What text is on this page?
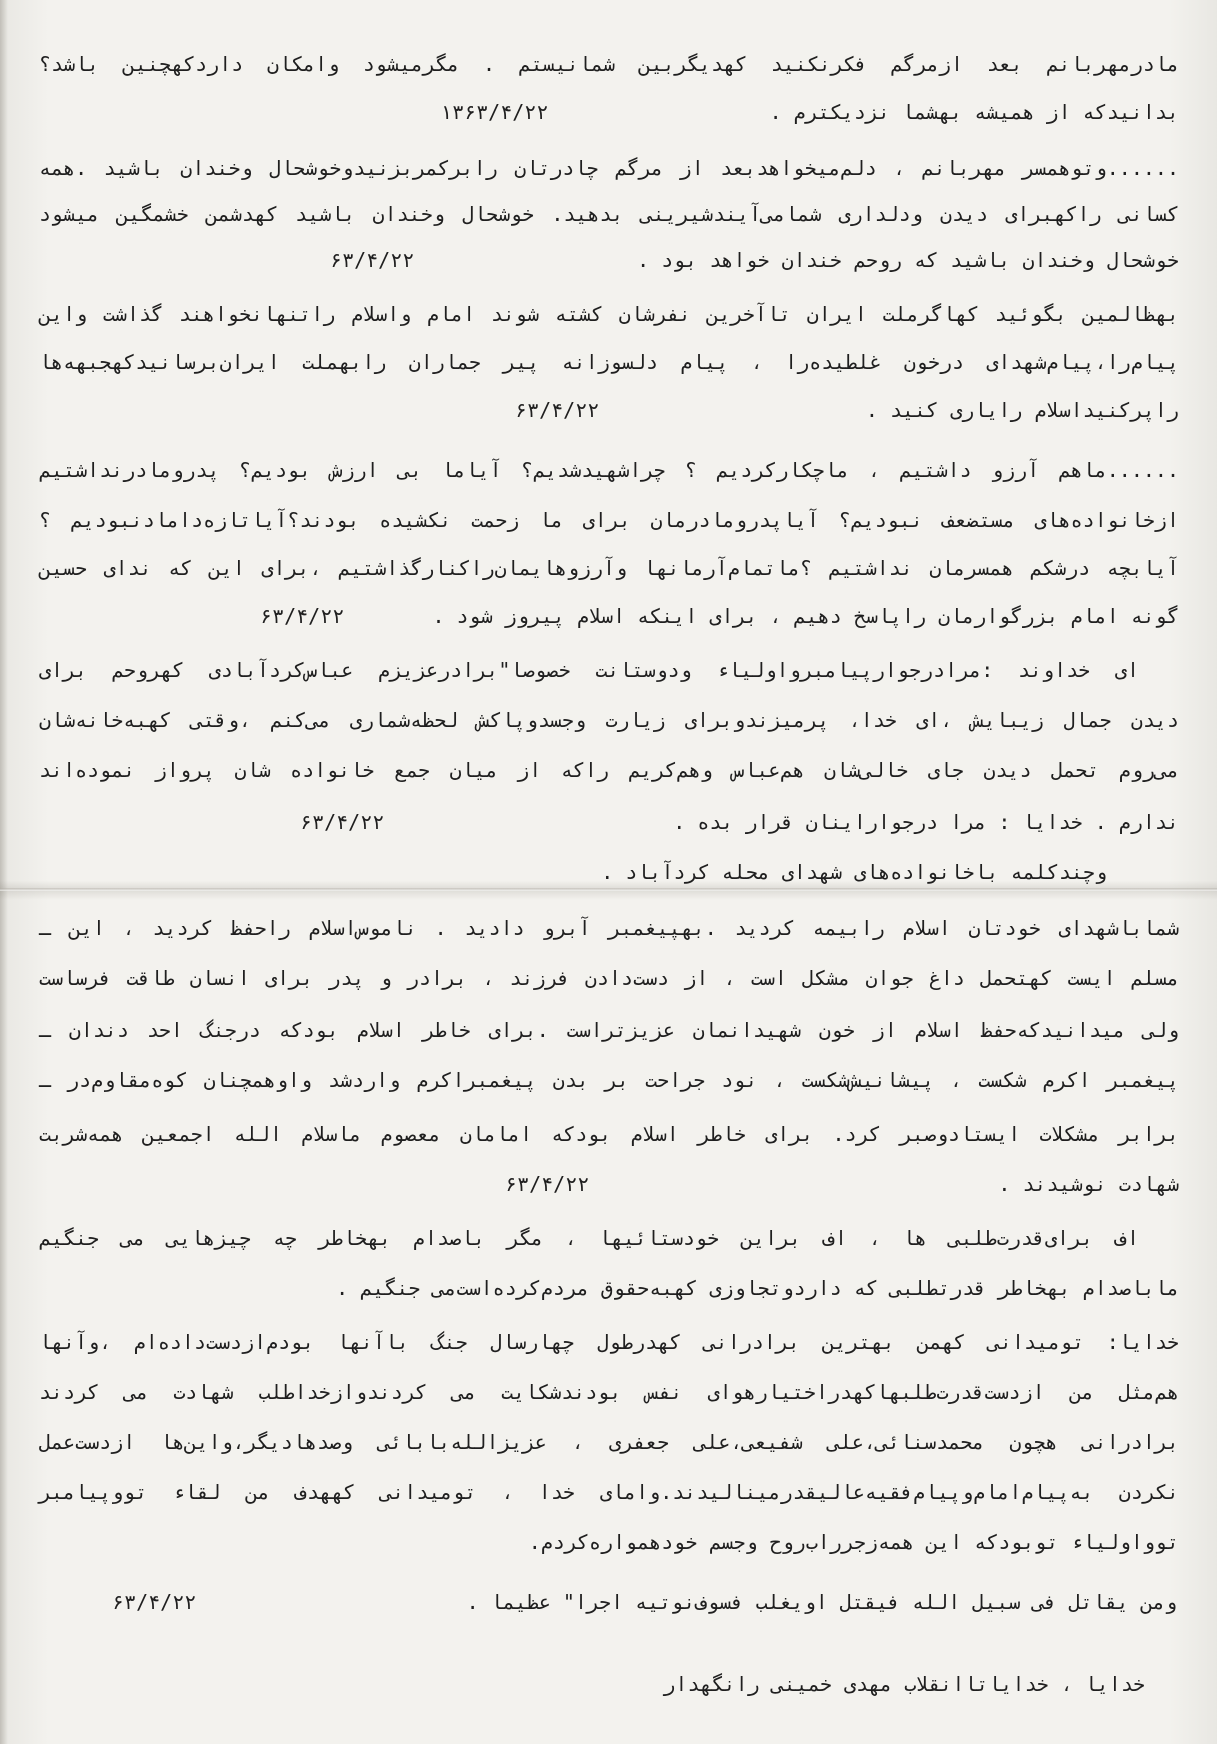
مادرمهربانم بعد ازمرگم فکرنکنید کهدیگربین شمانیستم . مگرمیشود وامکان داردکهچنین باشد؟
بدانیدکه از همیشه بهشما نزدیکترم .
۱۳۶۳/۴/۲۲
......وتوهمسر مهربانم ، دلم‌میخواهدبعد از مرگم چادرتان رابرکمربزنیدوخوشحال وخندان باشید .همه
کسانی راکهبرای دیدن ودلداری شمامی‌آیندشیرینی بدهید. خوشحال وخندان باشید کهدشمن خشمگین میشود
خوشحال وخندان باشید که روحم خندان خواهد بود .
۶۳/۴/۲۲
بهظالمین بگوئید کهاگرملت ایران تاآخرین نفرشان کشته شوند امام واسلام راتنهانخواهند گذاشت واین
پیام‌را،پیام‌شهدای درخون غلطیده‌را ، پیام دلسوزانه پیر جماران رابهملت ایران‌برسانیدکهجبهه‌ها
راپرکنیداسلام رایاری کنید .
۶۳/۴/۲۲
......ماهم آرزو داشتیم ، ماچکارکردیم ؟ چراشهیدشدیم؟ آیاما بی ارزش بودیم؟ پدرومادرنداشتیم
ازخانواده‌های مستضعف نبودیم؟ آیاپدرومادرمان برای ما زحمت نکشیده بودند؟آیاتازه‌دامادنبودیم ؟
آیابچه درشکم همسرمان نداشتیم ؟ماتمام‌آرمانها وآرزوهایمان‌راکنارگذاشتیم ،برای این که ندای حسین
گونه امام بزرگوارمان راپاسخ دهیم ، برای اینکه اسلام پیروز شود .
۶۳/۴/۲۲
ای خداوند :مرادرجوارپیامبرواولیاء ودوستانت خصوصا"برادرعزیزم عباس‌کردآبادی کهروحم برای
دیدن جمال زیبایش ،ای خدا، پرمیزندوبرای زیارت وجسدوپاکش لحظه‌شماری می‌کنم ،وقتی کهبه‌خانه‌شان
می‌روم تحمل دیدن جای خالی‌شان هم‌عباس وهم‌کریم راکه از میان جمع خانواده شان پرواز نموده‌اند
ندارم . خدایا : مرا درجواراینان قرار بده .
۶۳/۴/۲۲
وچندکلمه باخانواده‌های شهدای محله کردآباد .
شماباشهدای خودتان اسلام رابیمه کردید .بهپیغمبر آبرو دادید . ناموس‌اسلام راحفظ کردید ، این ـ
مسلم ایست کهتحمل داغ جوان مشکل است ، از دست‌دادن فرزند ، برادر و پدر برای انسان طاقت فرساست
ولی میدانیدکه‌حفظ اسلام از خون شهیدانمان عزیزتراست .برای خاطر اسلام بودکه درجنگ احد دندان ـ
پیغمبر اکرم شکست ، پیشانیش‌شکست ، نود جراحت بر بدن پیغمبراکرم واردشد واوهمچنان کوه‌مقاوم‌در ـ
برابر مشکلات ایستادوصبر کرد. برای خاطر اسلام بودکه امامان معصوم ماسلام الله اجمعین همه‌شربت
شهادت نوشیدند .
۶۳/۴/۲۲
اف برای‌قدرت‌طلبی ها ، اف براین خودستائیها ، مگر باصدام بهخاطر چه چیزهایی می جنگیم
ماباصدام بهخاطر قدرتطلبی که داردوتجاوزی کهبه‌حقوق مردم‌کرده‌است‌می جنگیم .
خدایا: تومیدانی کهمن بهترین برادرانی کهدرطول چهارسال جنگ باآنها بودم‌ازدست‌داده‌ام ،وآنها
هم‌مثل من ازدست‌قدرت‌طلبهاکهدراختیارهوای نفس بودندشکایت می کردندوازخداطلب شهادت می کردند
برادرانی هچون محمدسنائی،علی شفیعی،علی جعفری ، عزیزالله‌بابائی وصدهادیگر،واین‌ها ازدست‌عمل
نکردن به‌پیام‌امام‌وپیام‌فقیه‌عالیقدرمینالیدند.وامای خدا ، تومیدانی کههدف من لقاء تووپیامبر
توواولیاء توبودکه این همه‌زجرراب‌روح وجسم خودهمواره‌کردم.
ومن یقاتل فی سبیل الله فیقتل اویغلب فسوف‌نوتیه اجرا" عظیما .
۶۳/۴/۲۲
خدایا ، خدایاتاانقلاب مهدی خمینی رانگهدار
